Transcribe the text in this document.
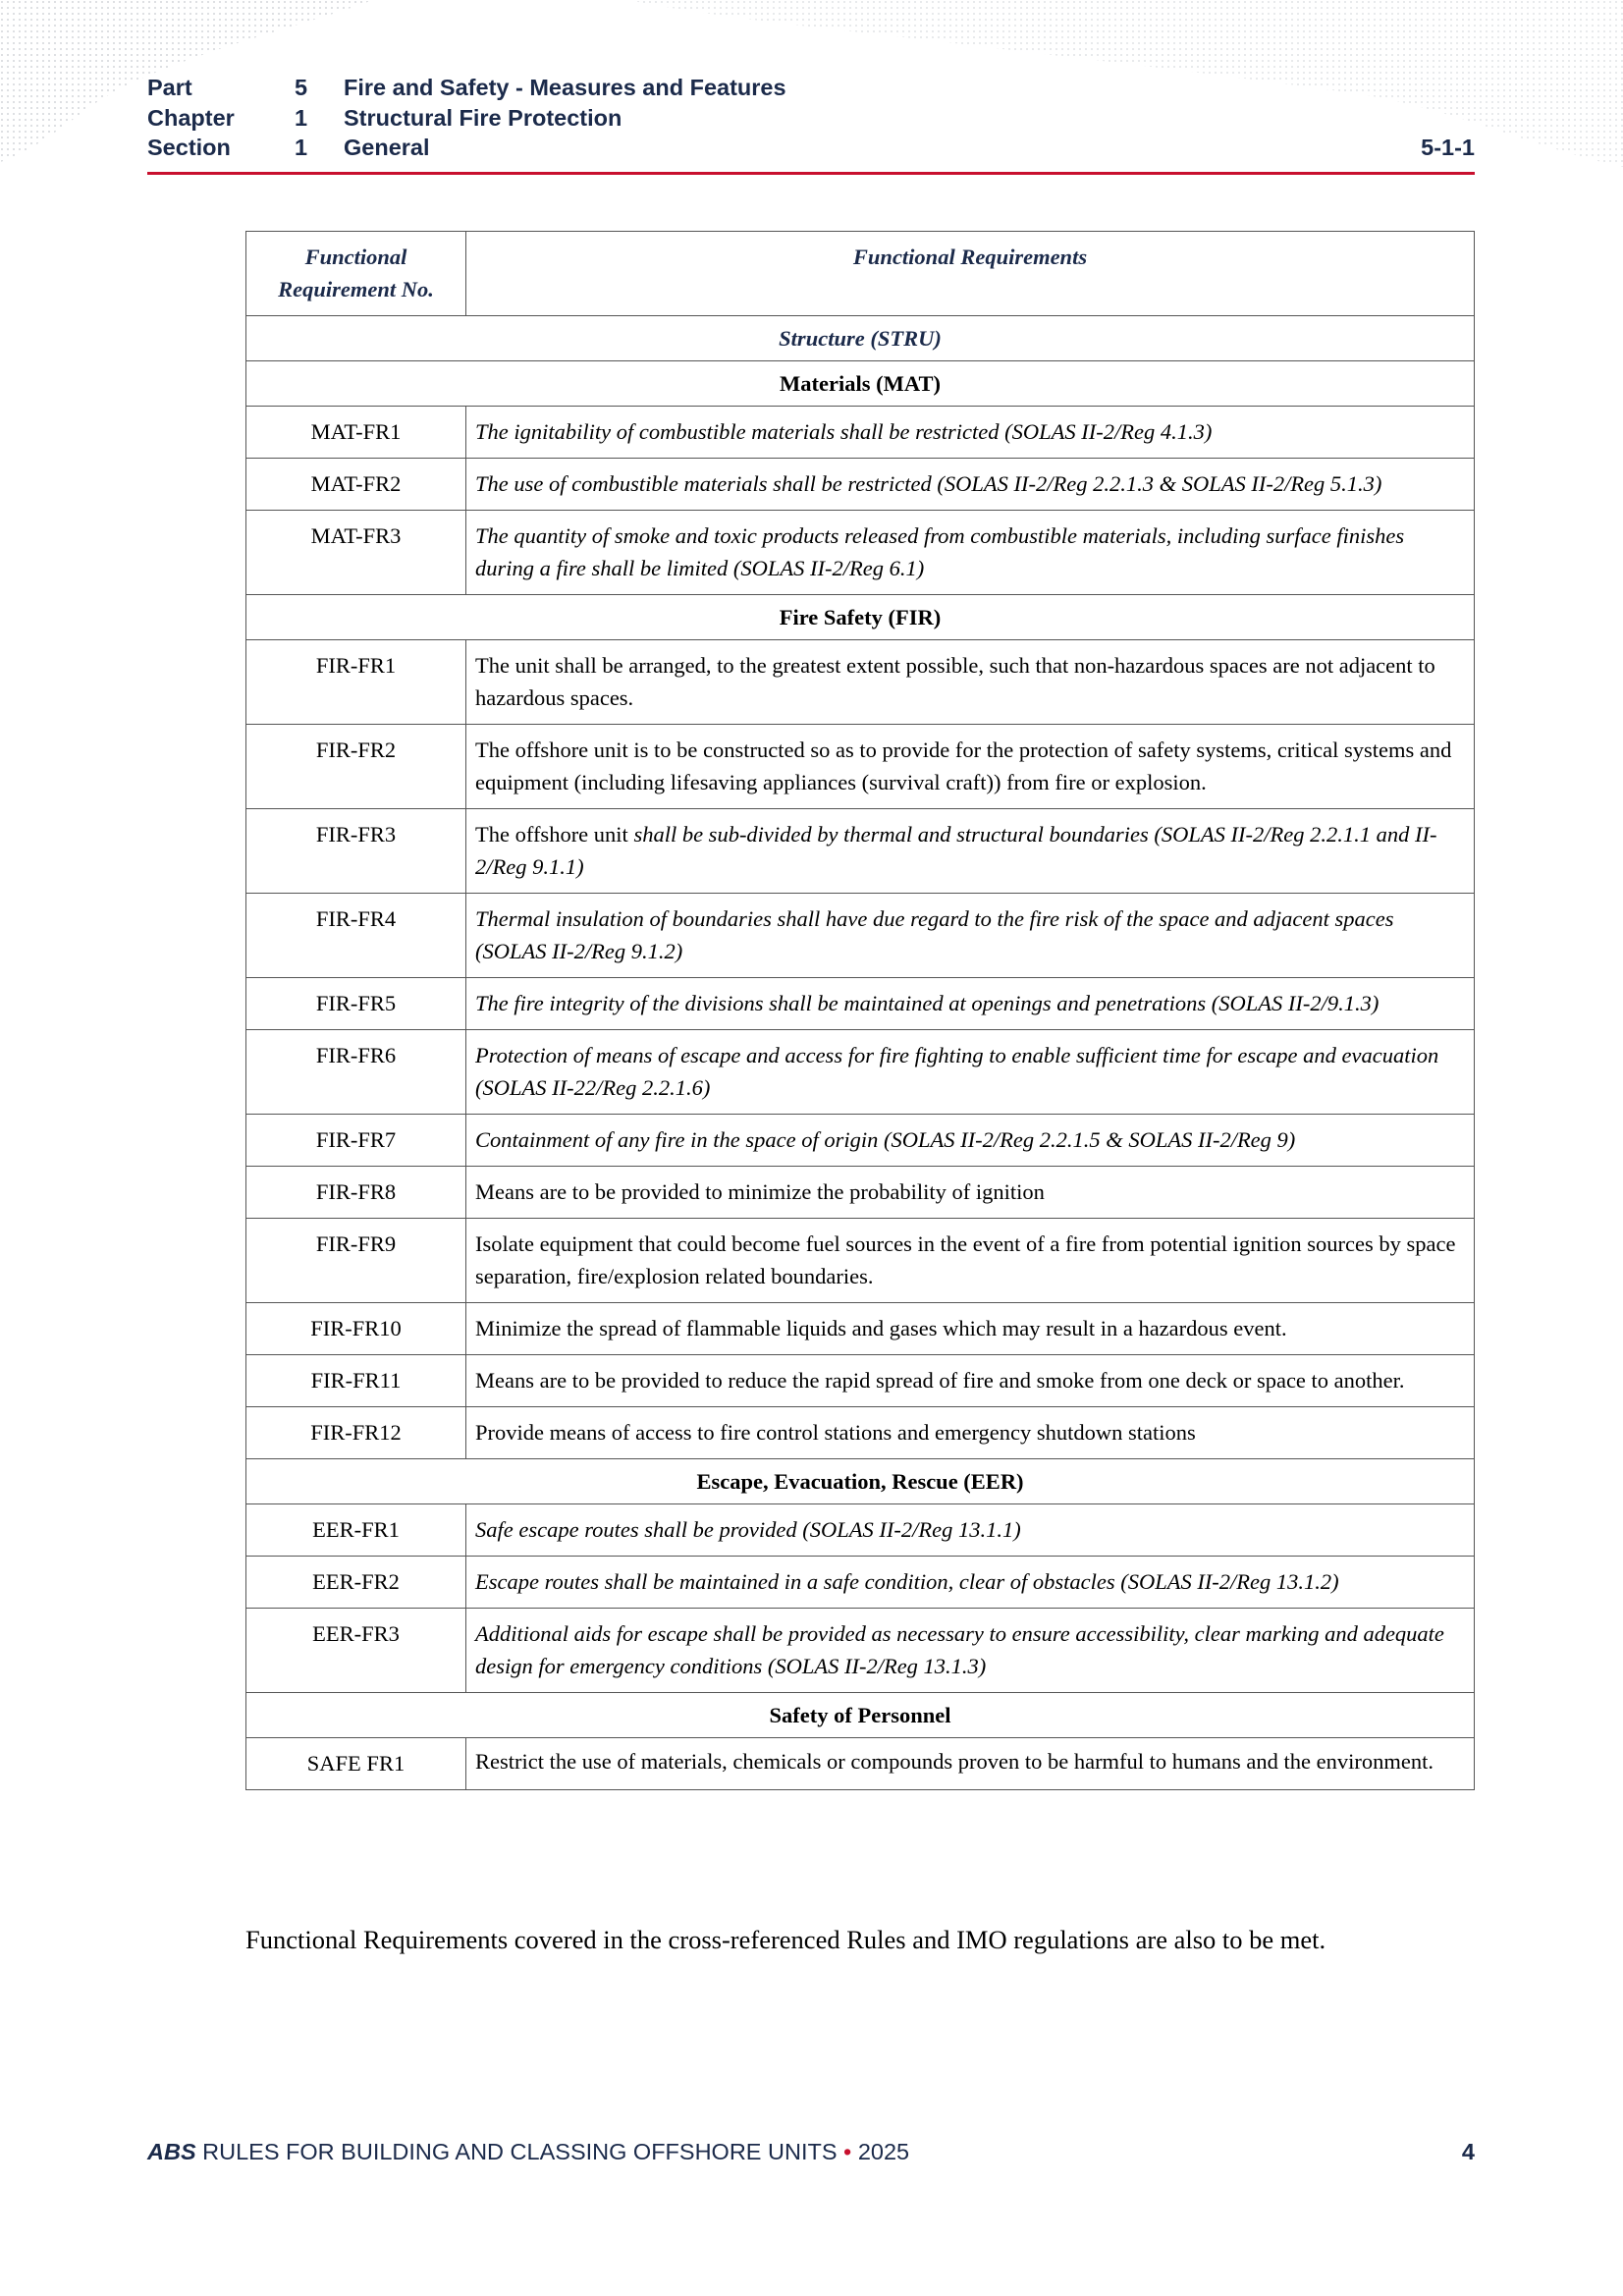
Part	5 Fire and Safety - Measures and Features
Chapter	1 Structural Fire Protection
Section	1 General	5-1-1
Functional Requirement No.	Functional Requirements
Structure (STRU)	
Materials (MAT)	
MAT-FR1	The ignitability of combustible materials shall be restricted (SOLAS II-2/Reg 4.1.3)
MAT-FR2	The use of combustible materials shall be restricted (SOLAS II-2/Reg 2.2.1.3 & SOLAS II-2/Reg 5.1.3)
MAT-FR3	The quantity of smoke and toxic products released from combustible materials, including surface finishes during a fire shall be limited (SOLAS II-2/Reg 6.1)
Fire Safety (FIR)	
FIR-FR1	The unit shall be arranged, to the greatest extent possible, such that non-hazardous spaces are not adjacent to hazardous spaces.
FIR-FR2	The offshore unit is to be constructed so as to provide for the protection of safety systems, critical systems and equipment (including lifesaving appliances (survival craft)) from fire or explosion.
FIR-FR3	The offshore unit shall be sub-divided by thermal and structural boundaries (SOLAS II-2/Reg 2.2.1.1 and II-2/Reg 9.1.1)
FIR-FR4	Thermal insulation of boundaries shall have due regard to the fire risk of the space and adjacent spaces (SOLAS II-2/Reg 9.1.2)
FIR-FR5	The fire integrity of the divisions shall be maintained at openings and penetrations (SOLAS II-2/9.1.3)
FIR-FR6	Protection of means of escape and access for fire fighting to enable sufficient time for escape and evacuation (SOLAS II-22/Reg 2.2.1.6)
FIR-FR7	Containment of any fire in the space of origin (SOLAS II-2/Reg 2.2.1.5 & SOLAS II-2/Reg 9)
FIR-FR8	Means are to be provided to minimize the probability of ignition
FIR-FR9	Isolate equipment that could become fuel sources in the event of a fire from potential ignition sources by space separation, fire/explosion related boundaries.
FIR-FR10	Minimize the spread of flammable liquids and gases which may result in a hazardous event.
FIR-FR11	Means are to be provided to reduce the rapid spread of fire and smoke from one deck or space to another.
FIR-FR12	Provide means of access to fire control stations and emergency shutdown stations
Escape, Evacuation, Rescue (EER)	
EER-FR1	Safe escape routes shall be provided (SOLAS II-2/Reg 13.1.1)
EER-FR2	Escape routes shall be maintained in a safe condition, clear of obstacles (SOLAS II-2/Reg 13.1.2)
EER-FR3	Additional aids for escape shall be provided as necessary to ensure accessibility, clear marking and adequate design for emergency conditions (SOLAS II-2/Reg 13.1.3)
Safety of Personnel	
SAFE FR1	Restrict the use of materials, chemicals or compounds proven to be harmful to humans and the environment.
Functional Requirements covered in the cross-referenced Rules and IMO regulations are also to be met.
ABS RULES FOR BUILDING AND CLASSING OFFSHORE UNITS • 2025	4
